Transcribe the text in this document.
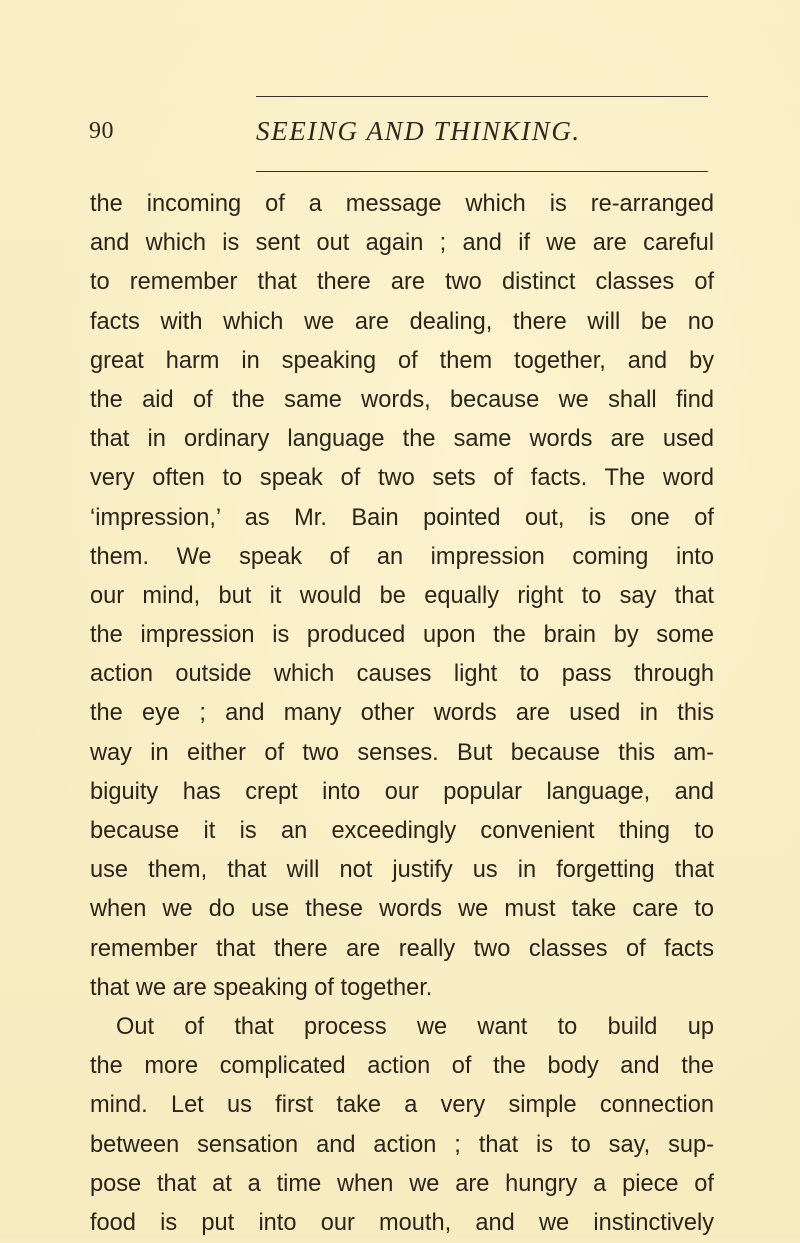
90	SEEING AND THINKING.
the incoming of a message which is re-arranged
and which is sent out again ; and if we are careful
to remember that there are two distinct classes of
facts with which we are dealing, there will be no
great harm in speaking of them together, and by
the aid of the same words, because we shall find
that in ordinary language the same words are used
very often to speak of two sets of facts. The word
‘impression,’ as Mr. Bain pointed out, is one of
them. We speak of an impression coming into
our mind, but it would be equally right to say that
the impression is produced upon the brain by some
action outside which causes light to pass through
the eye ; and many other words are used in this
way in either of two senses. But because this am-
biguity has crept into our popular language, and
because it is an exceedingly convenient thing to
use them, that will not justify us in forgetting that
when we do use these words we must take care to
remember that there are really two classes of facts
that we are speaking of together.
Out of that process we want to build up
the more complicated action of the body and the
mind. Let us first take a very simple connection
between sensation and action ; that is to say, sup-
pose that at a time when we are hungry a piece of
food is put into our mouth, and we instinctively
